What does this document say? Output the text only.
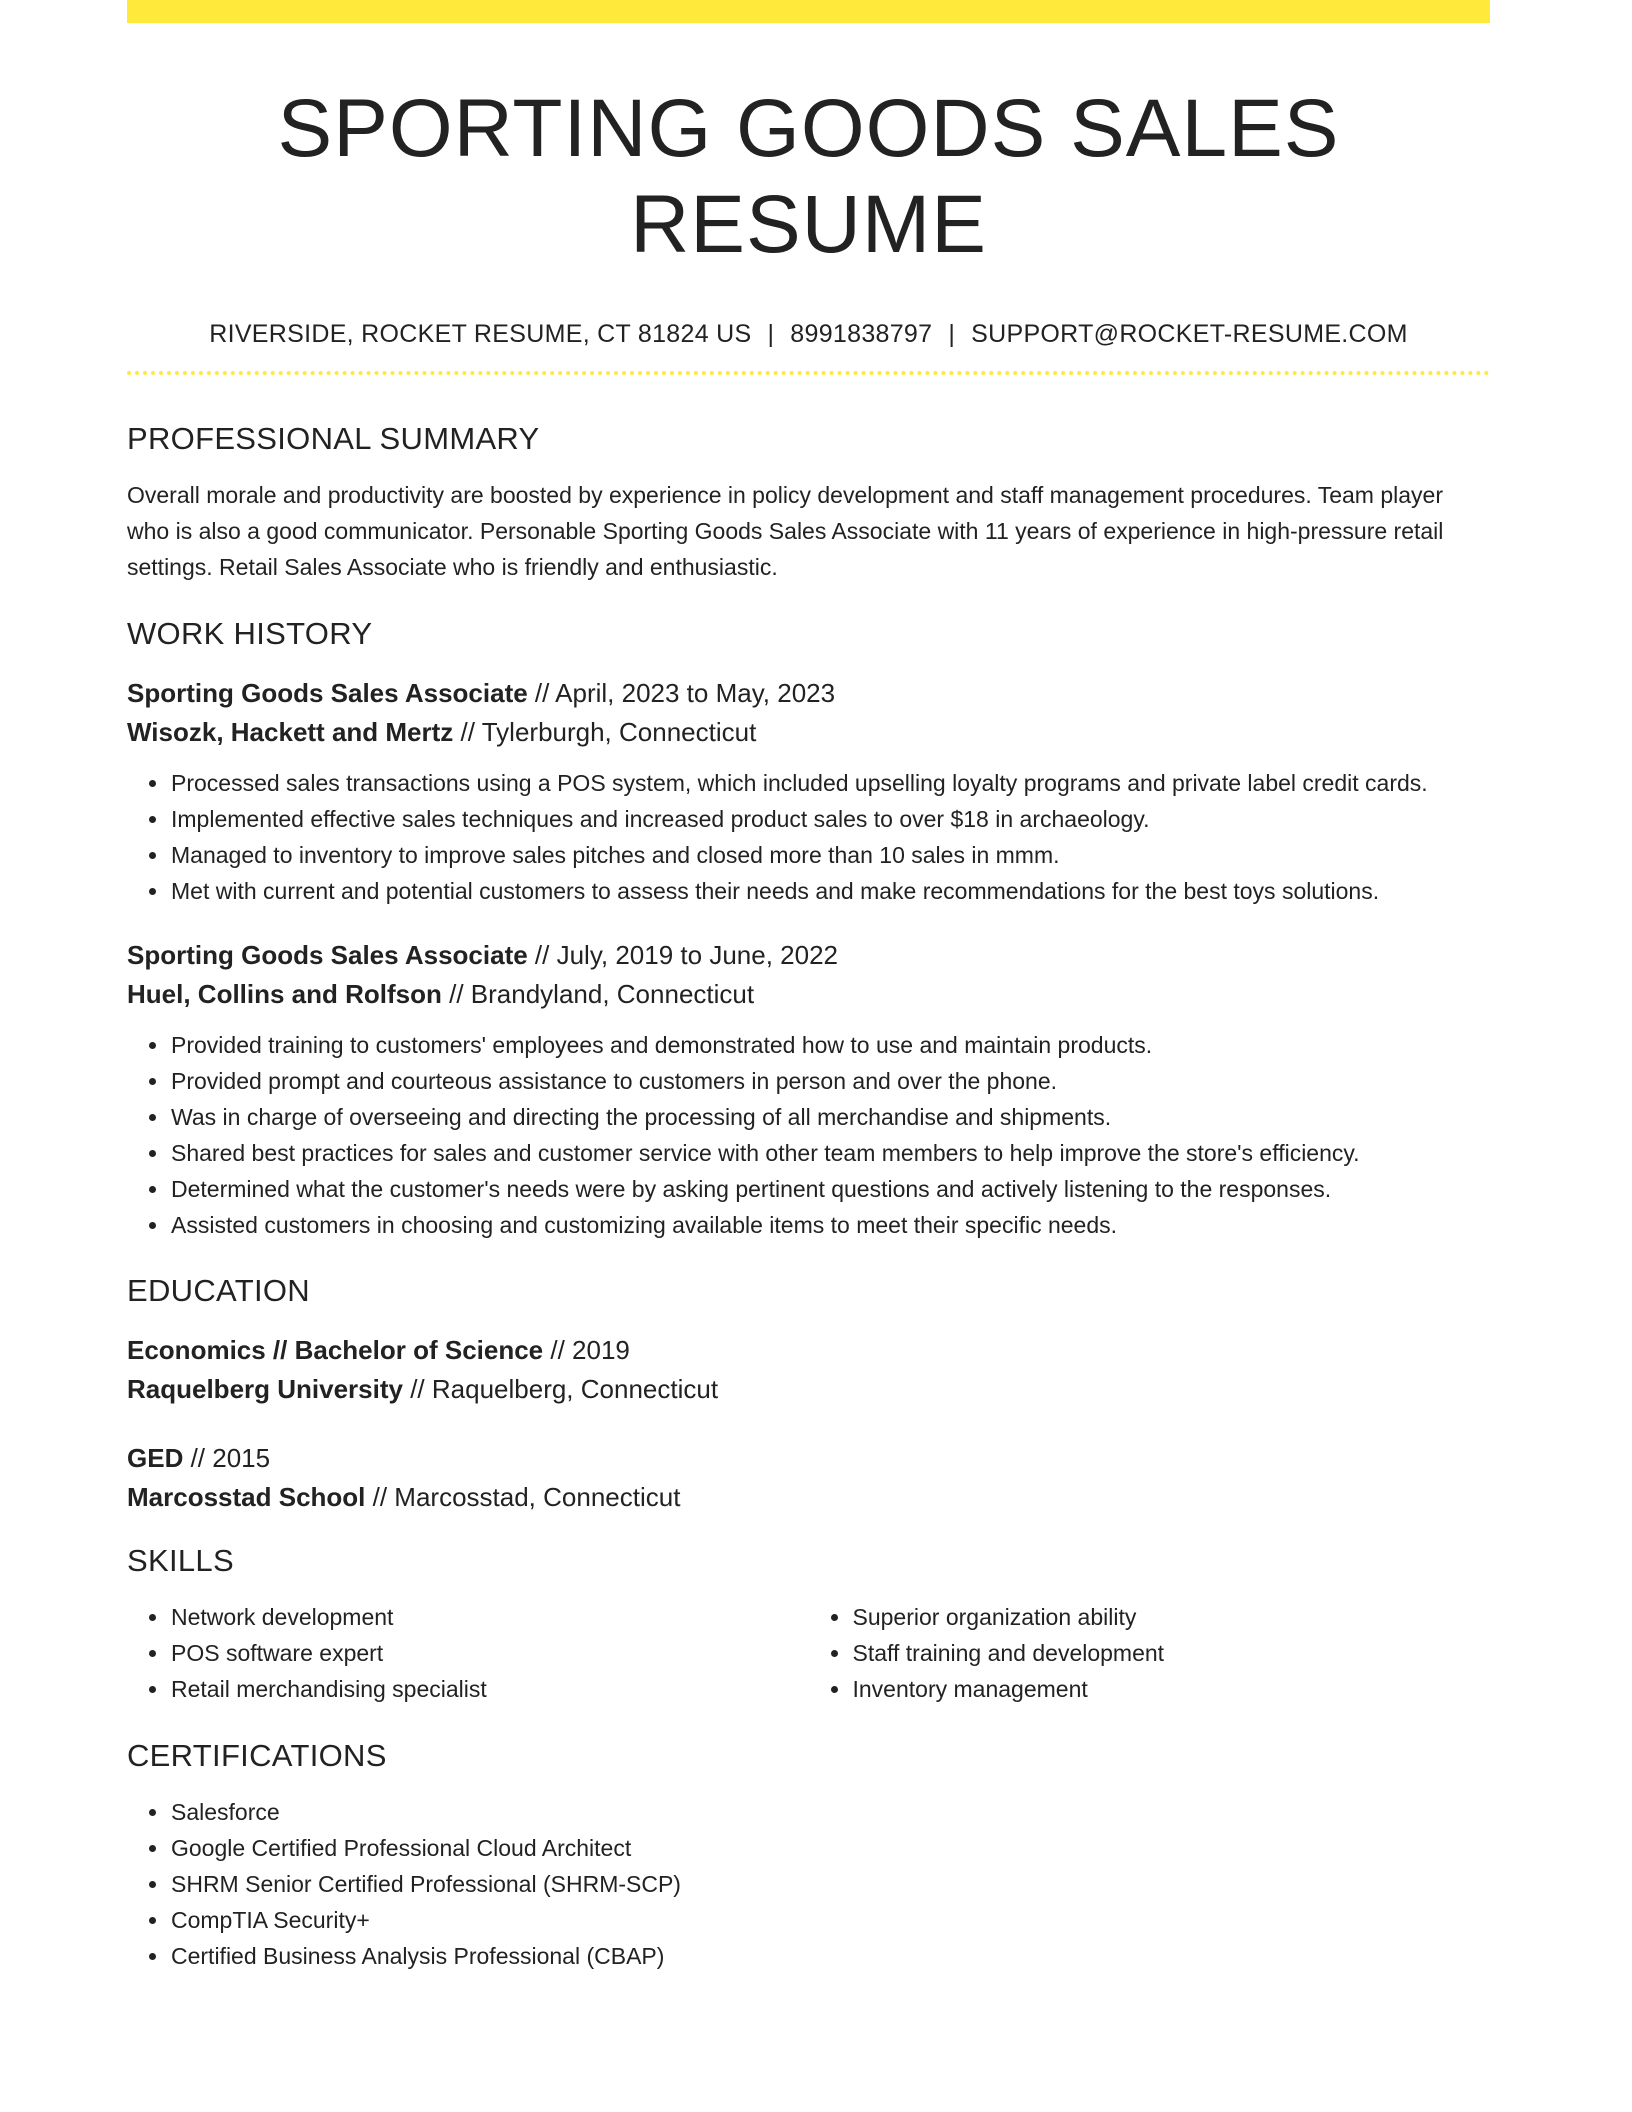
SPORTING GOODS SALES RESUME
RIVERSIDE, ROCKET RESUME, CT 81824 US | 8991838797 | SUPPORT@ROCKET-RESUME.COM
PROFESSIONAL SUMMARY

Overall morale and productivity are boosted by experience in policy development and staff management procedures. Team player who is also a good communicator. Personable Sporting Goods Sales Associate with 11 years of experience in high-pressure retail settings. Retail Sales Associate who is friendly and enthusiastic.

WORK HISTORY
Sporting Goods Sales Associate // April, 2023 to May, 2023
Wisozk, Hackett and Mertz // Tylerburgh, Connecticut
• Processed sales transactions using a POS system, which included upselling loyalty programs and private label credit cards.
• Implemented effective sales techniques and increased product sales to over $18 in archaeology.
• Managed to inventory to improve sales pitches and closed more than 10 sales in mmm.
• Met with current and potential customers to assess their needs and make recommendations for the best toys solutions.
Sporting Goods Sales Associate // July, 2019 to June, 2022
Huel, Collins and Rolfson // Brandyland, Connecticut
• Provided training to customers' employees and demonstrated how to use and maintain products.
• Provided prompt and courteous assistance to customers in person and over the phone.
• Was in charge of overseeing and directing the processing of all merchandise and shipments.
• Shared best practices for sales and customer service with other team members to help improve the store's efficiency.
• Determined what the customer's needs were by asking pertinent questions and actively listening to the responses.
• Assisted customers in choosing and customizing available items to meet their specific needs.
EDUCATION
Economics // Bachelor of Science // 2019
Raquelberg University // Raquelberg, Connecticut
GED // 2015
Marcosstad School // Marcosstad, Connecticut
SKILLS
• Network development
• POS software expert
• Retail merchandising specialist
• Superior organization ability
• Staff training and development
• Inventory management
CERTIFICATIONS
• Salesforce
• Google Certified Professional Cloud Architect
• SHRM Senior Certified Professional (SHRM-SCP)
• CompTIA Security+
• Certified Business Analysis Professional (CBAP)
